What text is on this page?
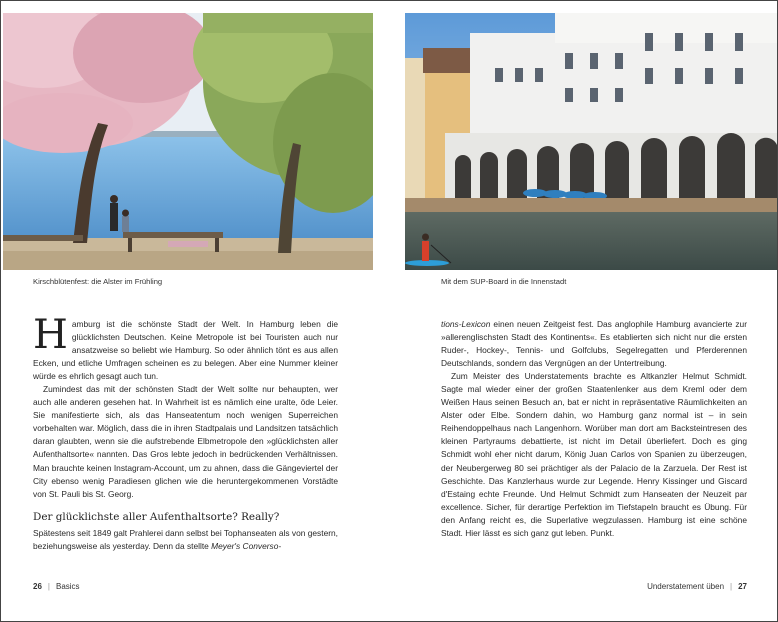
Kirschblütenfest: die Alster im Frühling

Hamburg ist die schönste Stadt der Welt. In Hamburg leben die glücklichsten Deutschen. Keine Metropole ist bei Touristen auch nur ansatzweise so beliebt wie Hamburg. So oder ähnlich tönt es aus allen Ecken, und etliche Umfragen scheinen es zu belegen. Aber eine Nummer kleiner würde es ehrlich gesagt auch tun.

Zumindest das mit der schönsten Stadt der Welt sollte nur behaupten, wer auch alle anderen gesehen hat. In Wahrheit ist es nämlich eine uralte, öde Leier. Sie manifestierte sich, als das Hanseatentum noch wenigen Superreichen vorbehalten war. Möglich, dass die in ihren Stadtpalais und Landsitzen tatsächlich daran glaubten, wenn sie die aufstrebende Elbmetropole den »glücklichsten aller Aufenthaltsorte« nannten. Das Gros lebte jedoch in bedrückenden Verhältnissen. Man brauchte keinen Instagram-Account, um zu ahnen, dass die Gängeviertel der City ebenso wenig Paradiesen glichen wie die heruntergekommenen Vorstädte von St. Pauli bis St. Georg.

Der glücklichste aller Aufenthaltsorte? Really?

Spätestens seit 1849 galt Prahlerei dann selbst bei Tophanseaten als von gestern, beziehungsweise als yesterday. Denn da stellte Meyer's Converso-

26 | Basics
Mit dem SUP-Board in die Innenstadt

tions-Lexicon einen neuen Zeitgeist fest. Das anglophile Hamburg avancierte zur »allerenglischsten Stadt des Kontinents«. Es etablierten sich nicht nur die ersten Ruder-, Hockey-, Tennis- und Golfclubs, Segelregatten und Pferderennen Deutschlands, sondern das Vergnügen an der Untertreibung.

Zum Meister des Understatements brachte es Altkanzler Helmut Schmidt. Sagte mal wieder einer der großen Staatenlenker aus dem Kreml oder dem Weißen Haus seinen Besuch an, bat er nicht in repräsentative Räumlichkeiten an Alster oder Elbe. Sondern dahin, wo Hamburg ganz normal ist – in sein Reihendoppelhaus nach Langenhorn. Worüber man dort am Backsteintresen des kleinen Partyraums debattierte, ist nicht im Detail überliefert. Doch es ging Schmidt wohl eher nicht darum, König Juan Carlos von Spanien zu überzeugen, der Neubergerweg 80 sei prächtiger als der Palacio de la Zarzuela. Der Rest ist Geschichte. Das Kanzlerhaus wurde zur Legende. Henry Kissinger und Giscard d'Estaing echte Freunde. Und Helmut Schmidt zum Hanseaten der Neuzeit par excellence. Sicher, für derartige Perfektion im Tiefstapeln braucht es Übung. Für den Anfang reicht es, die Superlative wegzulassen. Hamburg ist eine schöne Stadt. Hier lässt es sich ganz gut leben. Punkt.

Understatement üben | 27
